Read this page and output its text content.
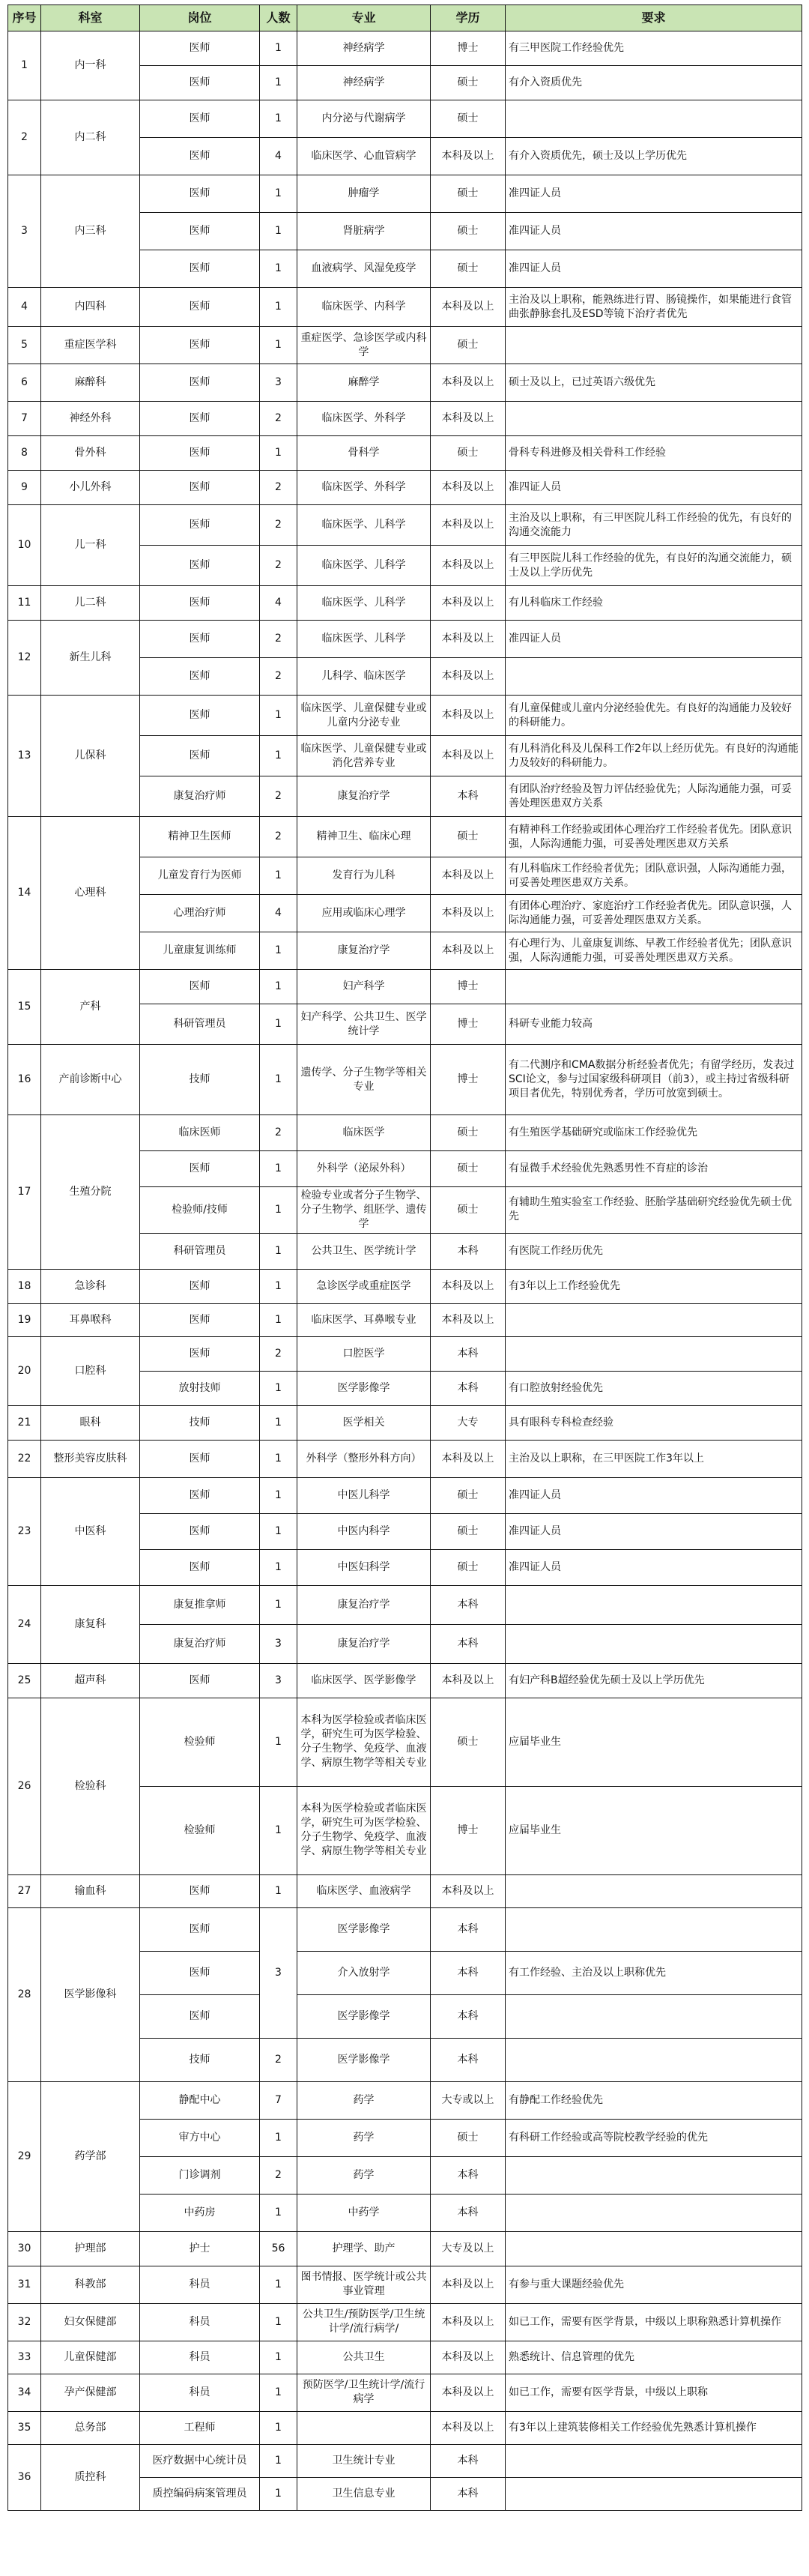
序号	科室	岗位	人数	专业	学历	要求
1	内一科	医师	1	神经病学	博士	有三甲医院工作经验优先
		医师	1	神经病学	硕士	有介入资质优先
2	内二科	医师	1	内分泌与代谢病学	硕士	
		医师	4	临床医学、心血管病学	本科及以上	有介入资质优先，硕士及以上学历优先
3	内三科	医师	1	肿瘤学	硕士	准四证人员
		医师	1	肾脏病学	硕士	准四证人员
		医师	1	血液病学、风湿免疫学	硕士	准四证人员
4	内四科	医师	1	临床医学、内科学	本科及以上	主治及以上职称，能熟练进行胃、肠镜操作，如果能进行食管曲张静脉套扎及ESD等镜下治疗者优先
5	重症医学科	医师	1	重症医学、急诊医学或内科学	硕士	
6	麻醉科	医师	3	麻醉学	本科及以上	硕士及以上，已过英语六级优先
7	神经外科	医师	2	临床医学、外科学	本科及以上	
8	骨外科	医师	1	骨科学	硕士	骨科专科进修及相关骨科工作经验
9	小儿外科	医师	2	临床医学、外科学	本科及以上	准四证人员
10	儿一科	医师	2	临床医学、儿科学	本科及以上	主治及以上职称，有三甲医院儿科工作经验的优先，有良好的沟通交流能力
		医师	2	临床医学、儿科学	本科及以上	有三甲医院儿科工作经验的优先，有良好的沟通交流能力，硕士及以上学历优先
11	儿二科	医师	4	临床医学、儿科学	本科及以上	有儿科临床工作经验
12	新生儿科	医师	2	临床医学、儿科学	本科及以上	准四证人员
		医师	2	儿科学、临床医学	本科及以上	
13	儿保科	医师	1	临床医学、儿童保健专业或儿童内分泌专业	本科及以上	有儿童保健或儿童内分泌经验优先。有良好的沟通能力及较好的科研能力。
		医师	1	临床医学、儿童保健专业或消化营养专业	本科及以上	有儿科消化科及儿保科工作2年以上经历优先。有良好的沟通能力及较好的科研能力。
		康复治疗师	2	康复治疗学	本科	有团队治疗经验及智力评估经验优先；人际沟通能力强，可妥善处理医患双方关系
14	心理科	精神卫生医师	2	精神卫生、临床心理	硕士	有精神科工作经验或团体心理治疗工作经验者优先。团队意识强，人际沟通能力强，可妥善处理医患双方关系
		儿童发育行为医师	1	发育行为儿科	本科及以上	有儿科临床工作经验者优先；团队意识强，人际沟通能力强，可妥善处理医患双方关系。
		心理治疗师	4	应用或临床心理学	本科及以上	有团体心理治疗、家庭治疗工作经验者优先。团队意识强，人际沟通能力强，可妥善处理医患双方关系。
		儿童康复训练师	1	康复治疗学	本科及以上	有心理行为、儿童康复训练、早教工作经验者优先；团队意识强，人际沟通能力强，可妥善处理医患双方关系。
15	产科	医师	1	妇产科学	博士	
		科研管理员	1	妇产科学、公共卫生、医学统计学	博士	科研专业能力较高
16	产前诊断中心	技师	1	遗传学、分子生物学等相关专业	博士	有二代测序和CMA数据分析经验者优先；有留学经历，发表过SCI论文，参与过国家级科研项目（前3），或主持过省级科研项目者优先，特别优秀者，学历可放宽到硕士。
17	生殖分院	临床医师	2	临床医学	硕士	有生殖医学基础研究或临床工作经验优先
		医师	1	外科学（泌尿外科）	硕士	有显微手术经验优先熟悉男性不育症的诊治
		检验师/技师	1	检验专业或者分子生物学、分子生物学、组胚学、遗传学	硕士	有辅助生殖实验室工作经验、胚胎学基础研究经验优先硕士优先
		科研管理员	1	公共卫生、医学统计学	本科	有医院工作经历优先
18	急诊科	医师	1	急诊医学或重症医学	本科及以上	有3年以上工作经验优先
19	耳鼻喉科	医师	1	临床医学、耳鼻喉专业	本科及以上	
20	口腔科	医师	2	口腔医学	本科	
		放射技师	1	医学影像学	本科	有口腔放射经验优先
21	眼科	技师	1	医学相关	大专	具有眼科专科检查经验
22	整形美容皮肤科	医师	1	外科学（整形外科方向）	本科及以上	主治及以上职称，在三甲医院工作3年以上
23	中医科	医师	1	中医儿科学	硕士	准四证人员
		医师	1	中医内科学	硕士	准四证人员
		医师	1	中医妇科学	硕士	准四证人员
24	康复科	康复推拿师	1	康复治疗学	本科	
		康复治疗师	3	康复治疗学	本科	
25	超声科	医师	3	临床医学、医学影像学	本科及以上	有妇产科B超经验优先硕士及以上学历优先
26	检验科	检验师	1	本科为医学检验或者临床医学，研究生可为医学检验、分子生物学、免疫学、血液学、病原生物学等相关专业	硕士	应届毕业生
		检验师	1	本科为医学检验或者临床医学，研究生可为医学检验、分子生物学、免疫学、血液学、病原生物学等相关专业	博士	应届毕业生
27	输血科	医师	1	临床医学、血液病学	本科及以上	
28	医学影像科	医师	3	医学影像学	本科	
		医师		介入放射学	本科	有工作经验、主治及以上职称优先
		医师		医学影像学	本科	
		技师	2	医学影像学	本科	
29	药学部	静配中心	7	药学	大专或以上	有静配工作经验优先
		审方中心	1	药学	硕士	有科研工作经验或高等院校教学经验的优先
		门诊调剂	2	药学	本科	
		中药房	1	中药学	本科	
30	护理部	护士	56	护理学、助产	大专及以上	
31	科教部	科员	1	图书情报、医学统计或公共事业管理	本科及以上	有参与重大课题经验优先
32	妇女保健部	科员	1	公共卫生/预防医学/卫生统计学/流行病学/	本科及以上	如已工作，需要有医学背景，中级以上职称熟悉计算机操作
33	儿童保健部	科员	1	公共卫生	本科及以上	熟悉统计、信息管理的优先
34	孕产保健部	科员	1	预防医学/卫生统计学/流行病学	本科及以上	如已工作，需要有医学背景，中级以上职称
35	总务部	工程师	1		本科及以上	有3年以上建筑装修相关工作经验优先熟悉计算机操作
36	质控科	医疗数据中心统计员	1	卫生统计专业	本科	
		质控编码病案管理员	1	卫生信息专业	本科	
